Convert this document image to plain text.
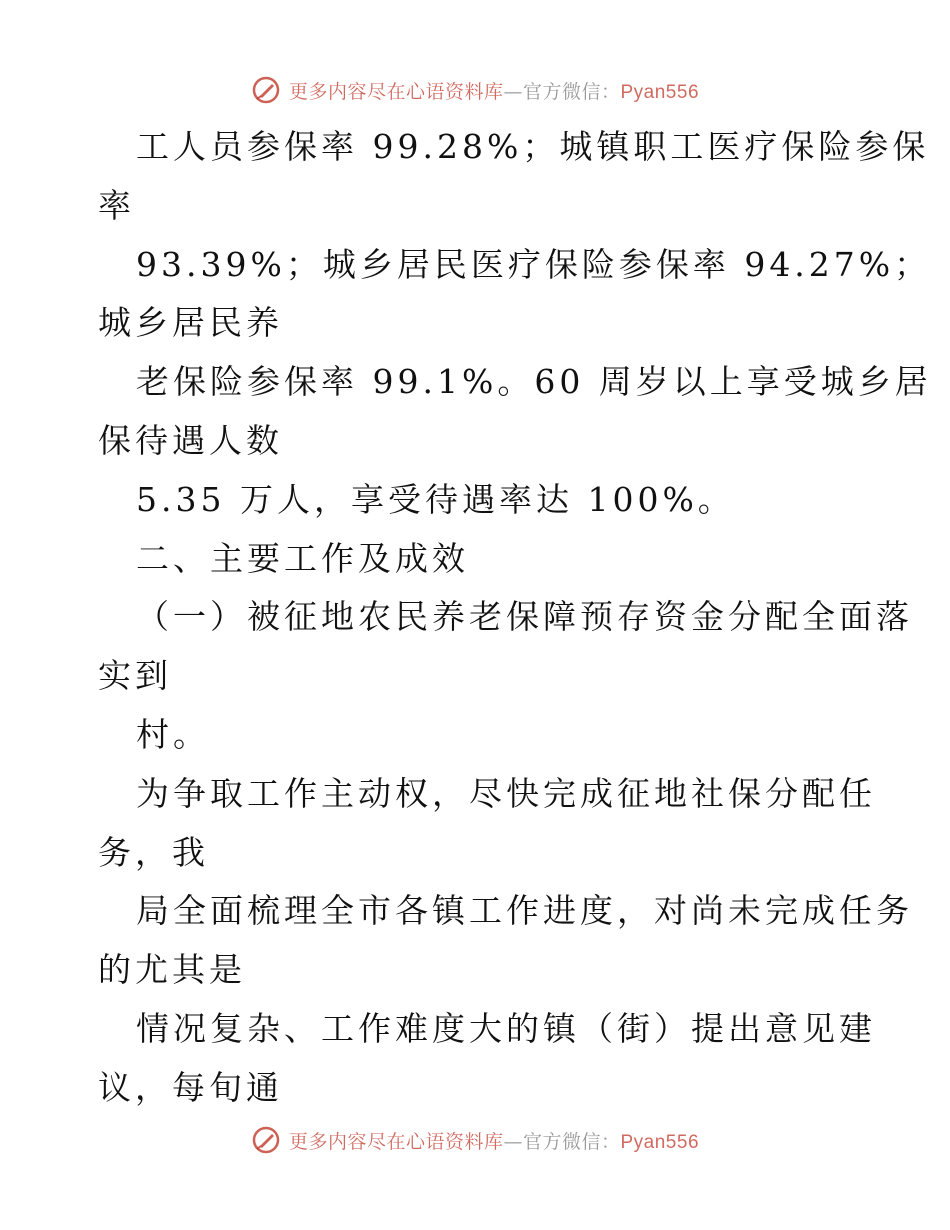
更多内容尽在心语资料库—官方微信：Pyan556
工人员参保率 99.28%；城镇职工医疗保险参保
率
93.39%；城乡居民医疗保险参保率 94.27%；
城乡居民养
老保险参保率 99.1%。60 周岁以上享受城乡居
保待遇人数
5.35 万人，享受待遇率达 100%。
二、主要工作及成效
（一）被征地农民养老保障预存资金分配全面落
实到
村。
为争取工作主动权，尽快完成征地社保分配任
务，我
局全面梳理全市各镇工作进度，对尚未完成任务
的尤其是
情况复杂、工作难度大的镇（街）提出意见建
议，每旬通
更多内容尽在心语资料库—官方微信：Pyan556
